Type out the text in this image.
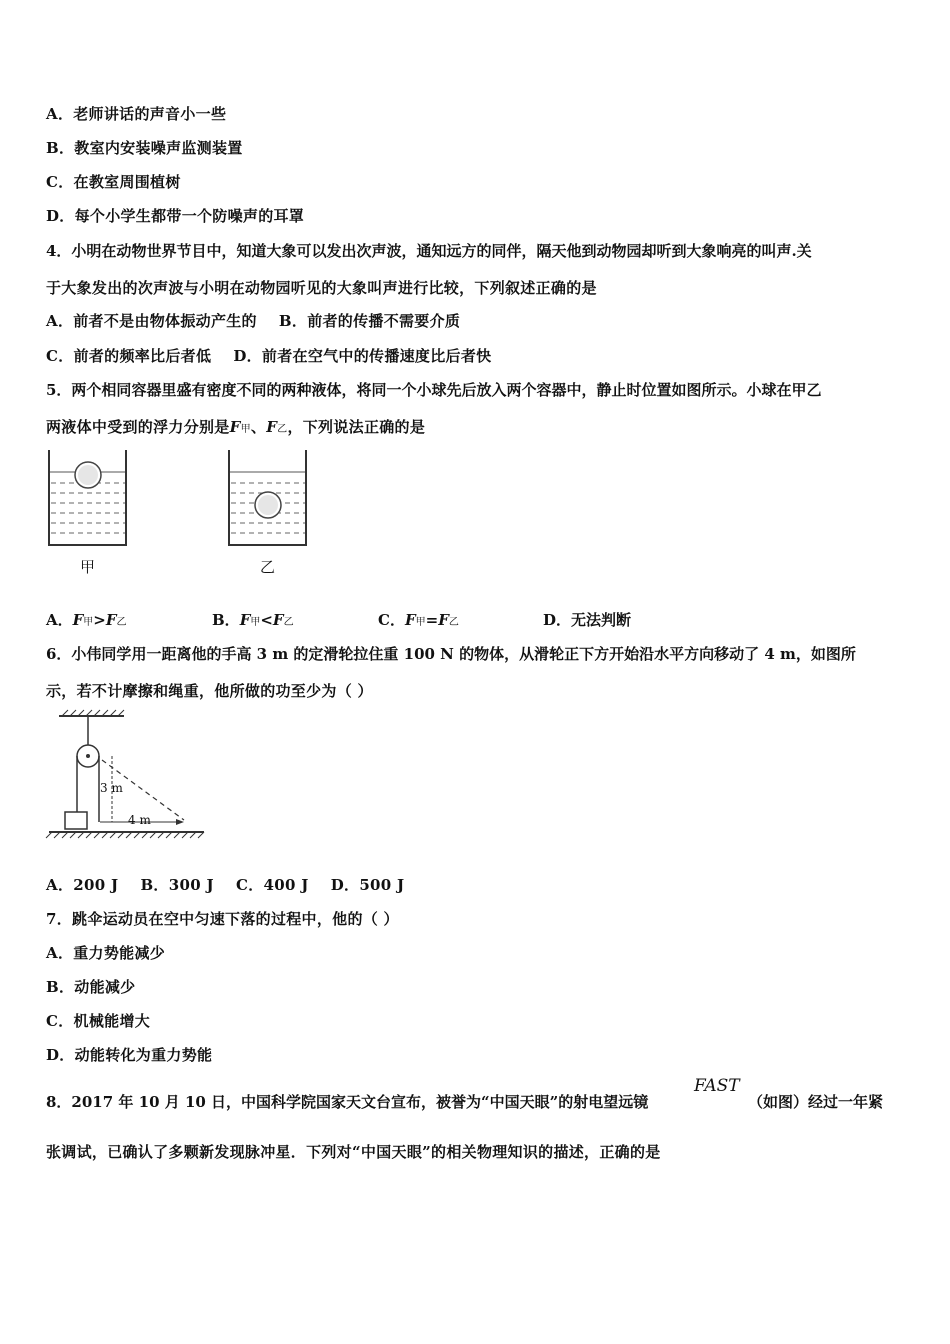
A．老师讲话的声音小一些
B．教室内安装噪声监测装置
C．在教室周围植树
D．每个小学生都带一个防噪声的耳罩
4．小明在动物世界节目中，知道大象可以发出次声波，通知远方的同伴，隔天他到动物园却听到大象响亮的叫声.关
于大象发出的次声波与小明在动物园听见的大象叫声进行比较，下列叙述正确的是
A．前者不是由物体振动产生的    B．前者的传播不需要介质
C．前者的频率比后者低    D．前者在空气中的传播速度比后者快
5．两个相同容器里盛有密度不同的两种液体，将同一个小球先后放入两个容器中，静止时位置如图所示。小球在甲乙
两液体中受到的浮力分别是F甲、F乙，下列说法正确的是
甲	乙
A．F甲>F乙	B．F甲<F乙	C．F甲=F乙	D．无法判断
6．小伟同学用一距离他的手高 3 m 的定滑轮拉住重 100 N 的物体，从滑轮正下方开始沿水平方向移动了 4 m，如图所
示，若不计摩擦和绳重，他所做的功至少为（ ）
3 m
4 m
A．200 J    B．300 J    C．400 J    D．500 J
7．跳伞运动员在空中匀速下落的过程中，他的（ ）
A．重力势能减少
B．动能减少
C．机械能增大
D．动能转化为重力势能
8．2017 年 10 月 10 日，中国科学院国家天文台宣布，被誉为“中国天眼”的射电望远镜
FAST
（如图）经过一年紧
张调试，已确认了多颗新发现脉冲星．下列对“中国天眼”的相关物理知识的描述，正确的是
